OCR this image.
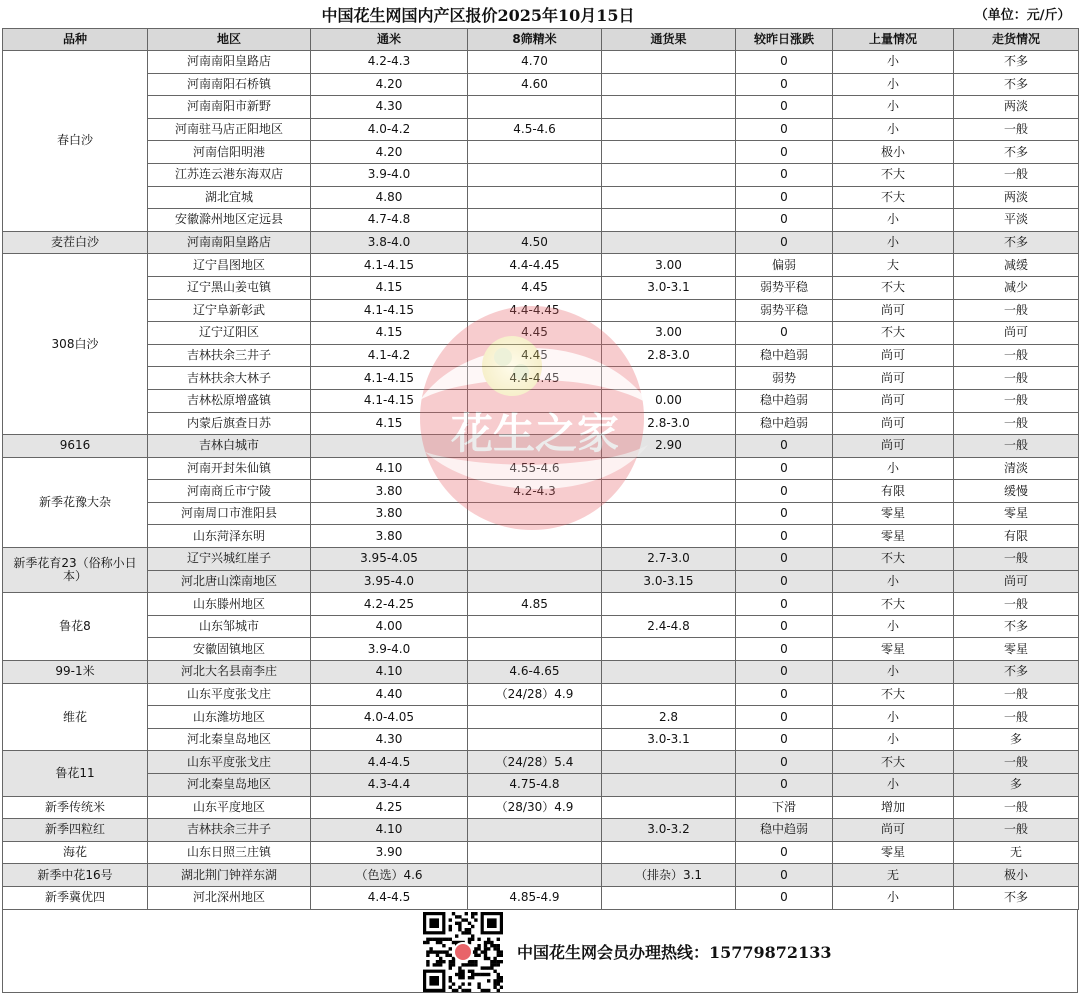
花生之家
中国花生网国内产区报价2025年10月15日							（单位：元/斤）
品种	地区	通米	8筛精米	通货果	较昨日涨跌	上量情况	走货情况
春白沙	河南南阳皇路店	4.2-4.3	4.70		0	小	不多
	河南南阳石桥镇	4.20	4.60		0	小	不多
	河南南阳市新野	4.30			0	小	两淡
	河南驻马店正阳地区	4.0-4.2	4.5-4.6		0	小	一般
	河南信阳明港	4.20			0	极小	不多
	江苏连云港东海双店	3.9-4.0			0	不大	一般
	湖北宜城	4.80			0	不大	两淡
	安徽滁州地区定远县	4.7-4.8			0	小	平淡
麦茬白沙	河南南阳皇路店	3.8-4.0	4.50		0	小	不多
308白沙	辽宁昌图地区	4.1-4.15	4.4-4.45	3.00	偏弱	大	减缓
	辽宁黑山姜屯镇	4.15	4.45	3.0-3.1	弱势平稳	不大	减少
	辽宁阜新彰武	4.1-4.15	4.4-4.45		弱势平稳	尚可	一般
	辽宁辽阳区	4.15	4.45	3.00	0	不大	尚可
	吉林扶余三井子	4.1-4.2	4.45	2.8-3.0	稳中趋弱	尚可	一般
	吉林扶余大林子	4.1-4.15	4.4-4.45		弱势	尚可	一般
	吉林松原增盛镇	4.1-4.15		0.00	稳中趋弱	尚可	一般
	内蒙后旗查日苏	4.15		2.8-3.0	稳中趋弱	尚可	一般
9616	吉林白城市			2.90	0	尚可	一般
新季花豫大杂	河南开封朱仙镇	4.10	4.55-4.6		0	小	清淡
	河南商丘市宁陵	3.80	4.2-4.3		0	有限	缓慢
	河南周口市淮阳县	3.80			0	零星	零星
	山东菏泽东明	3.80			0	零星	有限
新季花育23（俗称小日本）	辽宁兴城红崖子	3.95-4.05		2.7-3.0	0	不大	一般
	河北唐山滦南地区	3.95-4.0		3.0-3.15	0	小	尚可
鲁花8	山东滕州地区	4.2-4.25	4.85		0	不大	一般
	山东邹城市	4.00		2.4-4.8	0	小	不多
	安徽固镇地区	3.9-4.0			0	零星	零星
99-1米	河北大名县南李庄	4.10	4.6-4.65		0	小	不多
维花	山东平度张戈庄	4.40	（24/28）4.9		0	不大	一般
	山东潍坊地区	4.0-4.05		2.8	0	小	一般
	河北秦皇岛地区	4.30		3.0-3.1	0	小	多
鲁花11	山东平度张戈庄	4.4-4.5	（24/28）5.4		0	不大	一般
	河北秦皇岛地区	4.3-4.4	4.75-4.8		0	小	多
新季传统米	山东平度地区	4.25	（28/30）4.9		下滑	增加	一般
新季四粒红	吉林扶余三井子	4.10		3.0-3.2	稳中趋弱	尚可	一般
海花	山东日照三庄镇	3.90			0	零星	无
新季中花16号	湖北荆门钟祥东湖	（色选）4.6		（排杂）3.1	0	无	极小
新季冀优四	河北深州地区	4.4-4.5	4.85-4.9		0	小	不多
中国花生网会员办理热线：15779872133
